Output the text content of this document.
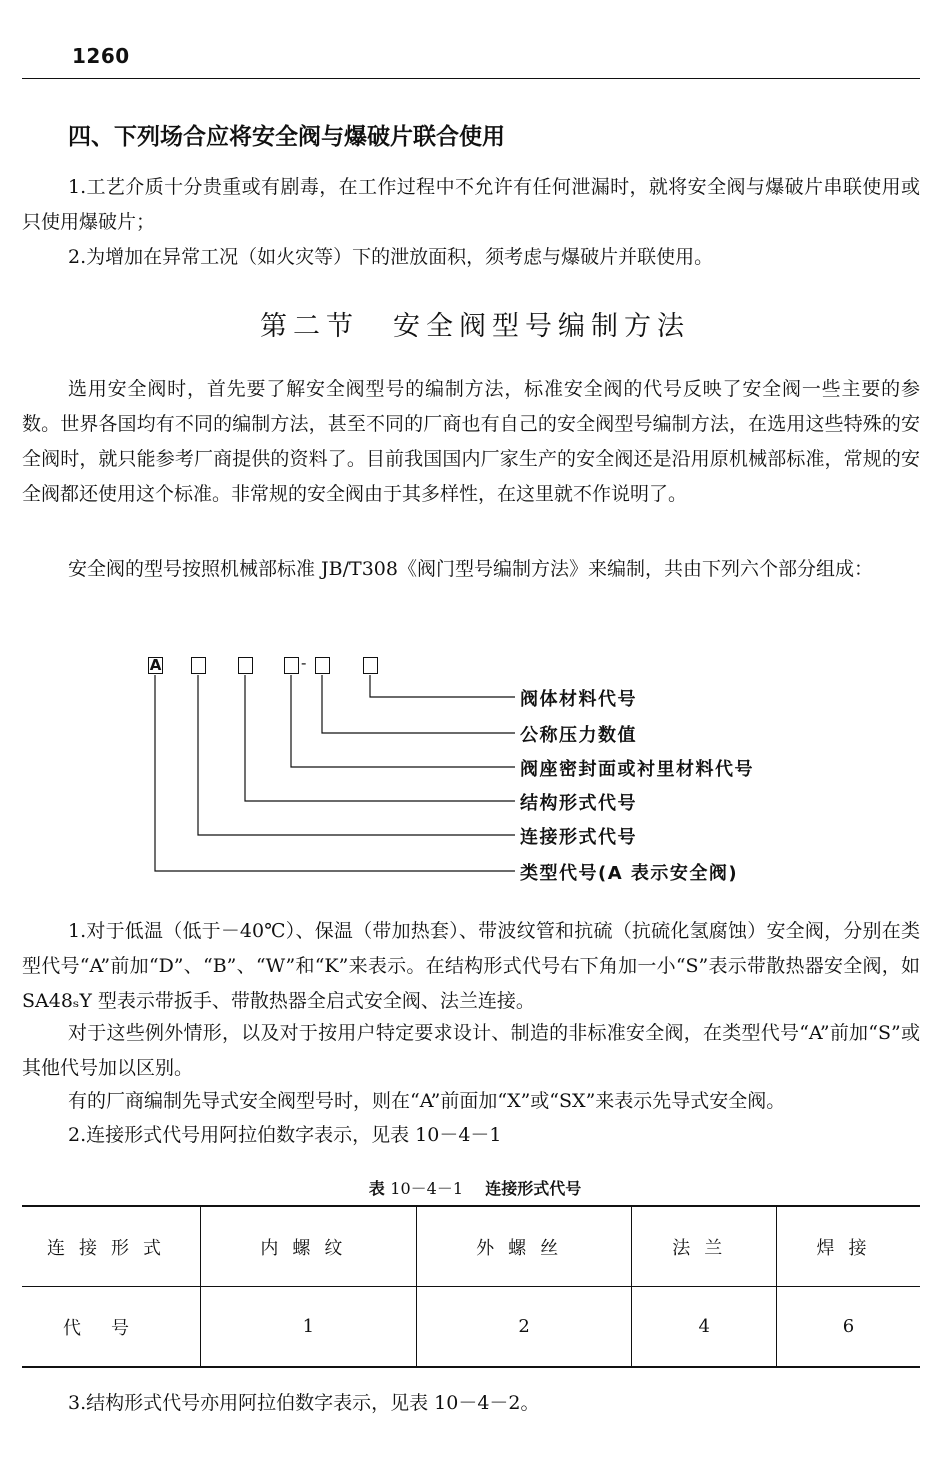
1260
四、下列场合应将安全阀与爆破片联合使用
1.工艺介质十分贵重或有剧毒，在工作过程中不允许有任何泄漏时，就将安全阀与爆破片串联使用或只使用爆破片；
2.为增加在异常工况（如火灾等）下的泄放面积，须考虑与爆破片并联使用。
第二节 安全阀型号编制方法
选用安全阀时，首先要了解安全阀型号的编制方法，标准安全阀的代号反映了安全阀一些主要的参数。世界各国均有不同的编制方法，甚至不同的厂商也有自己的安全阀型号编制方法，在选用这些特殊的安全阀时，就只能参考厂商提供的资料了。目前我国国内厂家生产的安全阀还是沿用原机械部标准，常规的安全阀都还使用这个标准。非常规的安全阀由于其多样性，在这里就不作说明了。
安全阀的型号按照机械部标准 JB/T308《阀门型号编制方法》来编制，共由下列六个部分组成：
A	-
阀体材料代号
公称压力数值
阀座密封面或衬里材料代号
结构形式代号
连接形式代号
类型代号(A 表示安全阀)
1.对于低温（低于－40℃）、保温（带加热套）、带波纹管和抗硫（抗硫化氢腐蚀）安全阀，分别在类型代号“A”前加“D”、“B”、“W”和“K”来表示。在结构形式代号右下角加一小“S”表示带散热器安全阀，如 SA48ₛY 型表示带扳手、带散热器全启式安全阀、法兰连接。
对于这些例外情形，以及对于按用户特定要求设计、制造的非标准安全阀，在类型代号“A”前加“S”或其他代号加以区别。
有的厂商编制先导式安全阀型号时，则在“A”前面加“X”或“SX”来表示先导式安全阀。
2.连接形式代号用阿拉伯数字表示，见表 10－4－1
表 10－4－1 连接形式代号
连接形式	内螺纹	外螺丝	法兰	焊接
代号	1	2	4	6
3.结构形式代号亦用阿拉伯数字表示，见表 10－4－2。
